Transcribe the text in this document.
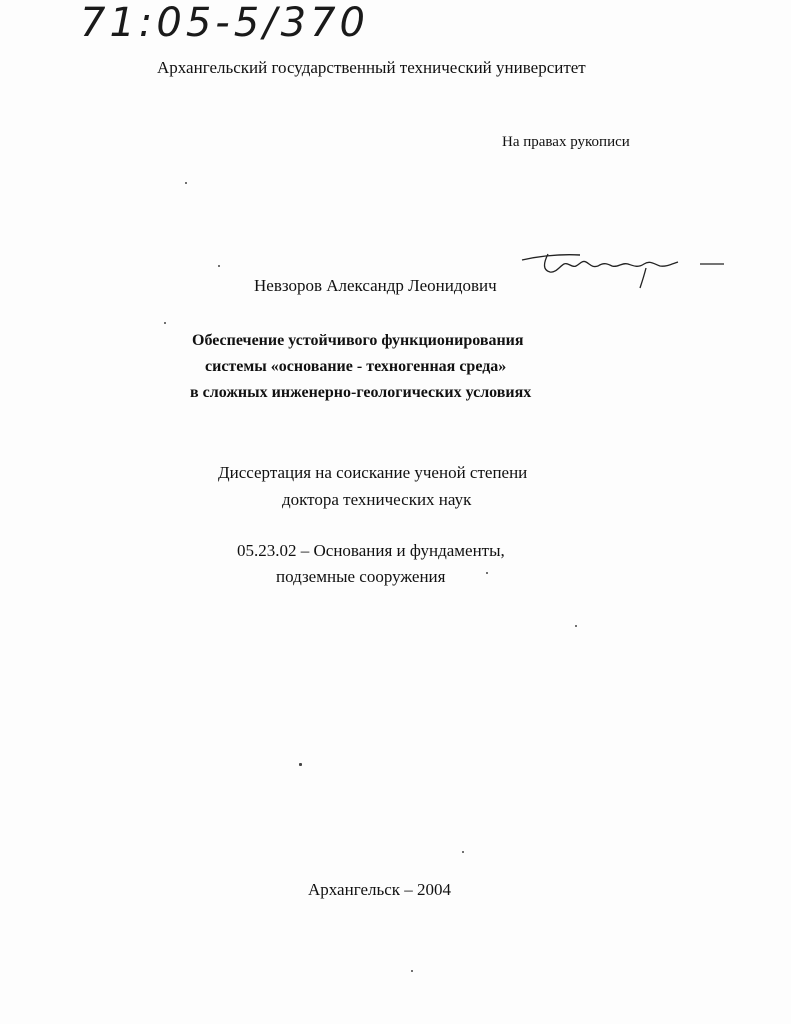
71:05-5/370
Архангельский государственный технический университет
На правах рукописи
Невзоров Александр Леонидович
Обеспечение устойчивого функционирования
системы «основание - техногенная среда»
в сложных инженерно-геологических условиях
Диссертация на соискание ученой степени
доктора технических наук
05.23.02 – Основания и фундаменты,
подземные сооружения
Архангельск – 2004
